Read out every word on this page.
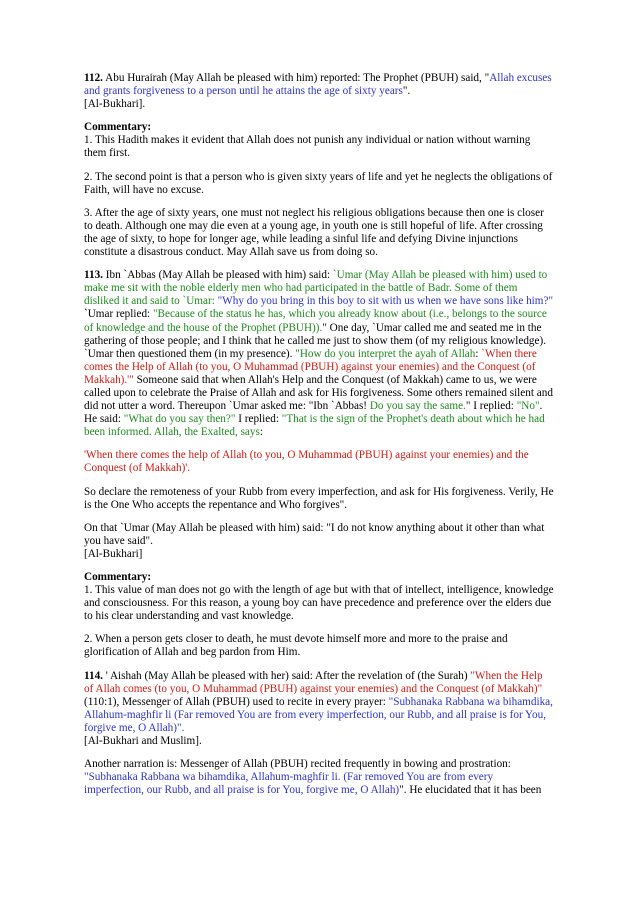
112. Abu Hurairah (May Allah be pleased with him) reported: The Prophet (PBUH) said, "Allah excuses and grants forgiveness to a person until he attains the age of sixty years".
[Al-Bukhari].

Commentary:
1. This Hadith makes it evident that Allah does not punish any individual or nation without warning them first.

2. The second point is that a person who is given sixty years of life and yet he neglects the obligations of Faith, will have no excuse.

3. After the age of sixty years, one must not neglect his religious obligations because then one is closer to death. Although one may die even at a young age, in youth one is still hopeful of life. After crossing the age of sixty, to hope for longer age, while leading a sinful life and defying Divine injunctions constitute a disastrous conduct. May Allah save us from doing so.

113. Ibn `Abbas (May Allah be pleased with him) said: `Umar (May Allah be pleased with him) used to make me sit with the noble elderly men who had participated in the battle of Badr. Some of them disliked it and said to `Umar: "Why do you bring in this boy to sit with us when we have sons like him?" `Umar replied: "Because of the status he has, which you already know about (i.e., belongs to the source of knowledge and the house of the Prophet (PBUH))." One day, `Umar called me and seated me in the gathering of those people; and I think that he called me just to show them (of my religious knowledge). `Umar then questioned them (in my presence). "How do you interpret the ayah of Allah: `When there comes the Help of Allah (to you, O Muhammad (PBUH) against your enemies) and the Conquest (of Makkah).'" Someone said that when Allah's Help and the Conquest (of Makkah) came to us, we were called upon to celebrate the Praise of Allah and ask for His forgiveness. Some others remained silent and did not utter a word. Thereupon `Umar asked me: "Ibn `Abbas! Do you say the same." I replied: "No". He said: "What do you say then?" I replied: "That is the sign of the Prophet's death about which he had been informed. Allah, the Exalted, says:

'When there comes the help of Allah (to you, O Muhammad (PBUH) against your enemies) and the Conquest (of Makkah)'.

So declare the remoteness of your Rubb from every imperfection, and ask for His forgiveness. Verily, He is the One Who accepts the repentance and Who forgives".

On that `Umar (May Allah be pleased with him) said: "I do not know anything about it other than what you have said".
[Al-Bukhari]

Commentary:
1. This value of man does not go with the length of age but with that of intellect, intelligence, knowledge and consciousness. For this reason, a young boy can have precedence and preference over the elders due to his clear understanding and vast knowledge.

2. When a person gets closer to death, he must devote himself more and more to the praise and glorification of Allah and beg pardon from Him.

114. ' Aishah (May Allah be pleased with her) said: After the revelation of (the Surah) "When the Help of Allah comes (to you, O Muhammad (PBUH) against your enemies) and the Conquest (of Makkah)" (110:1), Messenger of Allah (PBUH) used to recite in every prayer: "Subhanaka Rabbana wa bihamdika, Allahum-maghfir li (Far removed You are from every imperfection, our Rubb, and all praise is for You, forgive me, O Allah)".
[Al-Bukhari and Muslim].

Another narration is: Messenger of Allah (PBUH) recited frequently in bowing and prostration: "Subhanaka Rabbana wa bihamdika, Allahum-maghfir li. (Far removed You are from every imperfection, our Rubb, and all praise is for You, forgive me, O Allah)". He elucidated that it has been
